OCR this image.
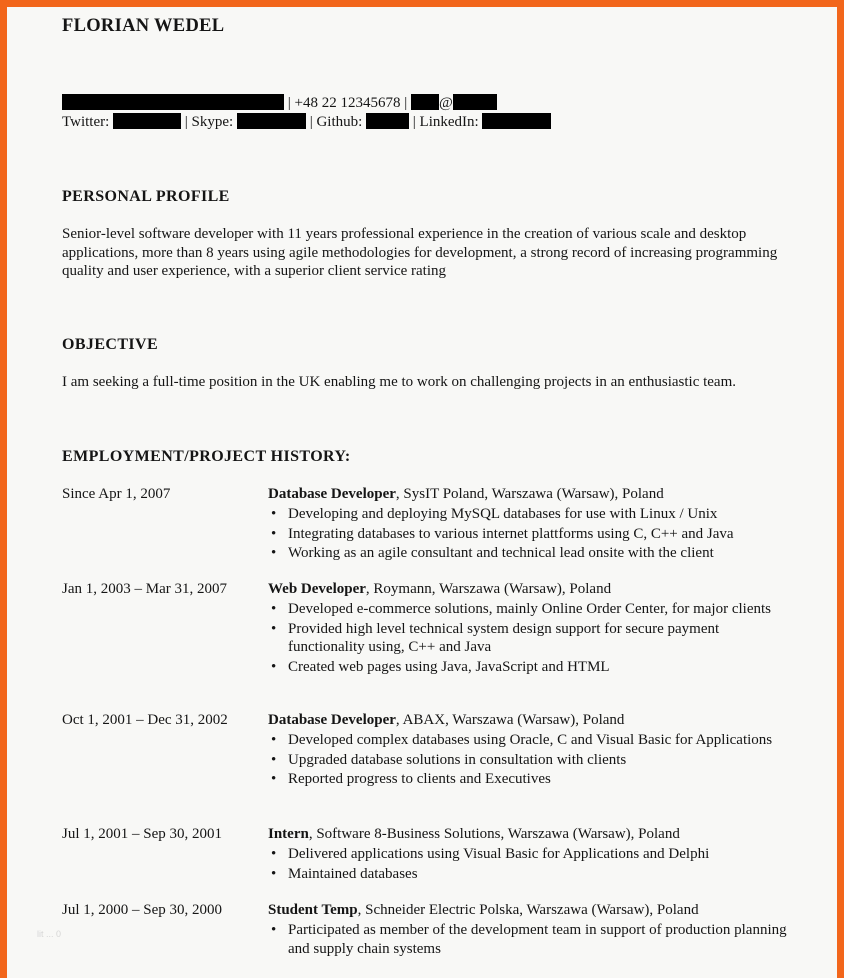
FLORIAN WEDEL
| +48 22 12345678 | @
Twitter:	| Skype:	| Github:	| LinkedIn:
PERSONAL PROFILE
Senior-level software developer with 11 years professional experience in the creation of various scale and desktop applications, more than 8 years using agile methodologies for development, a strong record of increasing programming quality and user experience, with a superior client service rating
OBJECTIVE
I am seeking a full-time position in the UK enabling me to work on challenging projects in an enthusiastic team.
EMPLOYMENT/PROJECT HISTORY:
Since Apr 1, 2007	Database Developer, SysIT Poland, Warszawa (Warsaw), Poland
• Developing and deploying MySQL databases for use with Linux / Unix
• Integrating databases to various internet plattforms using C, C++ and Java
• Working as an agile consultant and technical lead onsite with the client
Jan 1, 2003 – Mar 31, 2007	Web Developer, Roymann, Warszawa (Warsaw), Poland
• Developed e-commerce solutions, mainly Online Order Center, for major clients
• Provided high level technical system design support for secure payment functionality using, C++ and Java
• Created web pages using Java, JavaScript and HTML
Oct 1, 2001 – Dec 31, 2002	Database Developer, ABAX, Warszawa (Warsaw), Poland
• Developed complex databases using Oracle, C and Visual Basic for Applications
• Upgraded database solutions in consultation with clients
• Reported progress to clients and Executives
Jul 1, 2001 – Sep 30, 2001	Intern, Software 8-Business Solutions, Warszawa (Warsaw), Poland
• Delivered applications using Visual Basic for Applications and Delphi
• Maintained databases
Jul 1, 2000 – Sep 30, 2000	Student Temp, Schneider Electric Polska, Warszawa (Warsaw), Poland
• Participated as member of the development team in support of production planning and supply chain systems
lit ... 0
